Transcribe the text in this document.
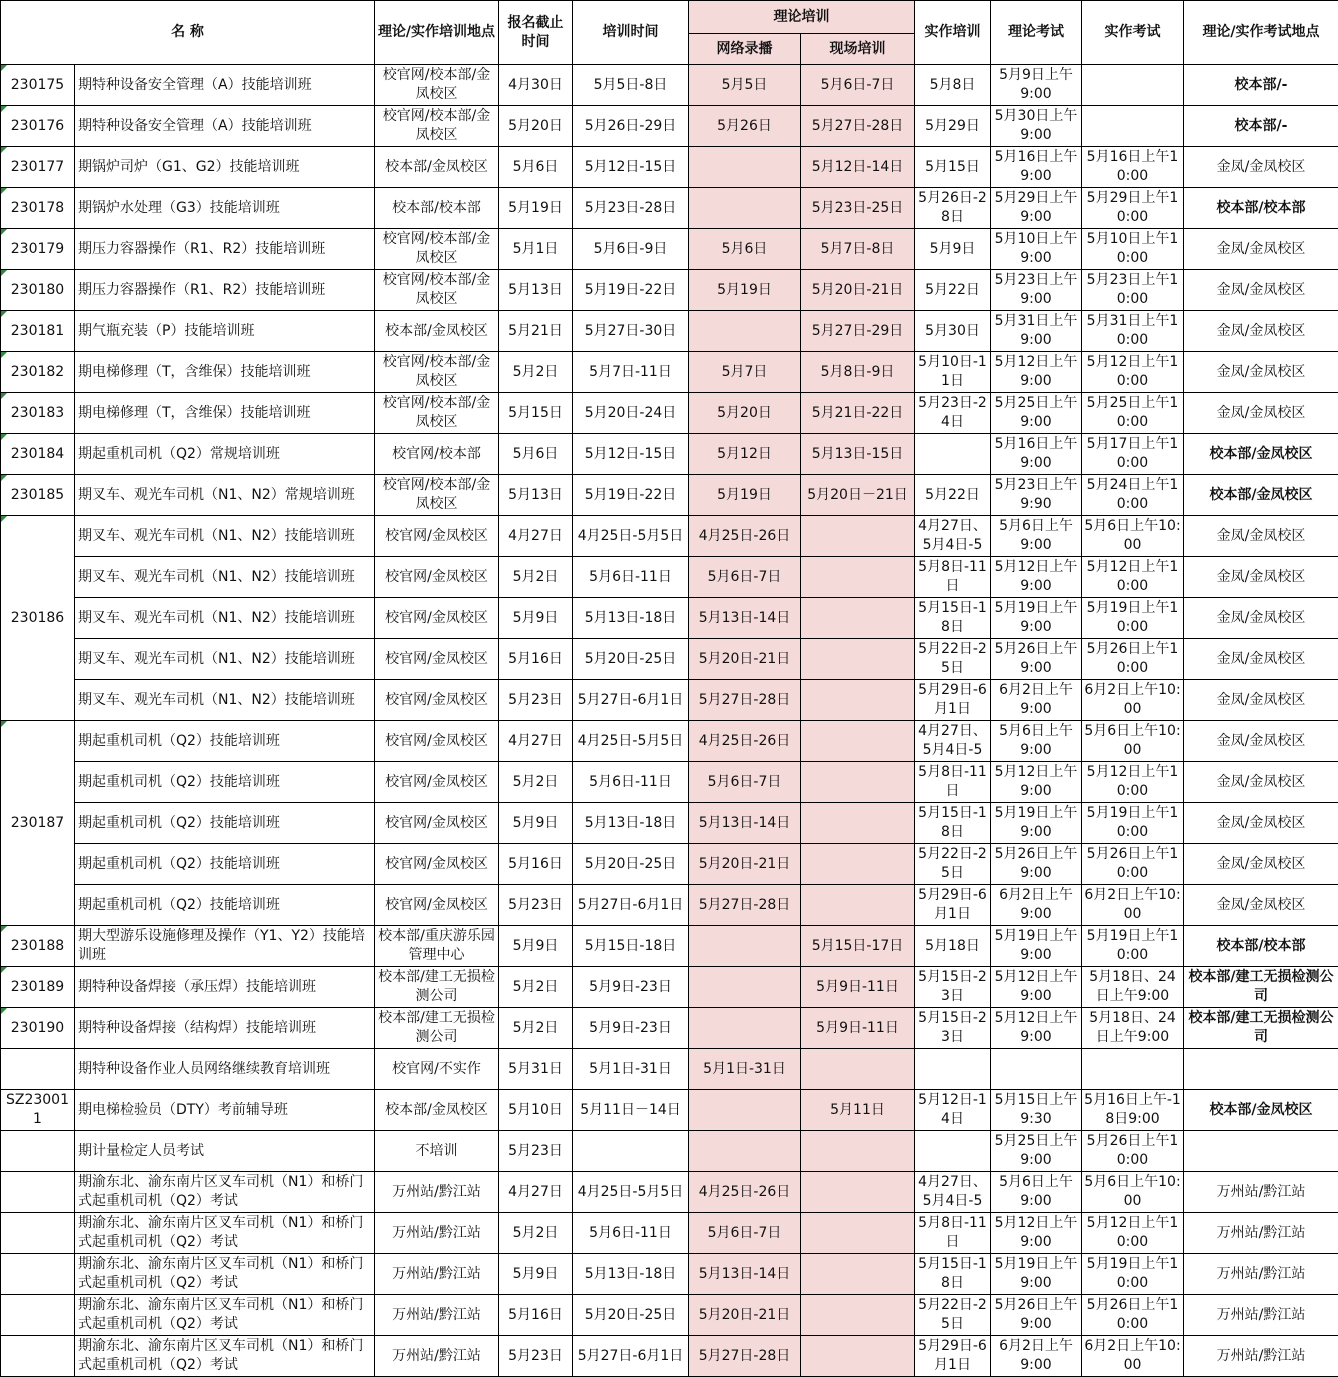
名 称		理论/实作培训地点	报名截止时间	培训时间	理论培训		实作培训	理论考试	实作考试	理论/实作考试地点
					网络录播	现场培训				
230175	期特种设备安全管理（A）技能培训班	校官网/校本部/金凤校区	4月30日	5月5日-8日	5月5日	5月6日-7日	5月8日	5月9日上午9:00		校本部/-
230176	期特种设备安全管理（A）技能培训班	校官网/校本部/金凤校区	5月20日	5月26日-29日	5月26日	5月27日-28日	5月29日	5月30日上午9:00		校本部/-
230177	期锅炉司炉（G1、G2）技能培训班	校本部/金凤校区	5月6日	5月12日-15日		5月12日-14日	5月15日	5月16日上午9:00	5月16日上午10:00	金凤/金凤校区
230178	期锅炉水处理（G3）技能培训班	校本部/校本部	5月19日	5月23日-28日		5月23日-25日	5月26日-28日	5月29日上午9:00	5月29日上午10:00	校本部/校本部
230179	期压力容器操作（R1、R2）技能培训班	校官网/校本部/金凤校区	5月1日	5月6日-9日	5月6日	5月7日-8日	5月9日	5月10日上午9:00	5月10日上午10:00	金凤/金凤校区
230180	期压力容器操作（R1、R2）技能培训班	校官网/校本部/金凤校区	5月13日	5月19日-22日	5月19日	5月20日-21日	5月22日	5月23日上午9:00	5月23日上午10:00	金凤/金凤校区
230181	期气瓶充装（P）技能培训班	校本部/金凤校区	5月21日	5月27日-30日		5月27日-29日	5月30日	5月31日上午9:00	5月31日上午10:00	金凤/金凤校区
230182	期电梯修理（T，含维保）技能培训班	校官网/校本部/金凤校区	5月2日	5月7日-11日	5月7日	5月8日-9日	5月10日-11日	5月12日上午9:00	5月12日上午10:00	金凤/金凤校区
230183	期电梯修理（T，含维保）技能培训班	校官网/校本部/金凤校区	5月15日	5月20日-24日	5月20日	5月21日-22日	5月23日-24日	5月25日上午9:00	5月25日上午10:00	金凤/金凤校区
230184	期起重机司机（Q2）常规培训班	校官网/校本部	5月6日	5月12日-15日	5月12日	5月13日-15日		5月16日上午9:00	5月17日上午10:00	校本部/金凤校区
230185	期叉车、观光车司机（N1、N2）常规培训班	校官网/校本部/金凤校区	5月13日	5月19日-22日	5月19日	5月20日－21日	5月22日	5月23日上午9:90	5月24日上午10:00	校本部/金凤校区
230186	期叉车、观光车司机（N1、N2）技能培训班	校官网/金凤校区	4月27日	4月25日-5月5日	4月25日-26日		4月27日、5月4日-5	5月6日上午9:00	5月6日上午10:00	金凤/金凤校区
	期叉车、观光车司机（N1、N2）技能培训班	校官网/金凤校区	5月2日	5月6日-11日	5月6日-7日		5月8日-11日	5月12日上午9:00	5月12日上午10:00	金凤/金凤校区
	期叉车、观光车司机（N1、N2）技能培训班	校官网/金凤校区	5月9日	5月13日-18日	5月13日-14日		5月15日-18日	5月19日上午9:00	5月19日上午10:00	金凤/金凤校区
	期叉车、观光车司机（N1、N2）技能培训班	校官网/金凤校区	5月16日	5月20日-25日	5月20日-21日		5月22日-25日	5月26日上午9:00	5月26日上午10:00	金凤/金凤校区
	期叉车、观光车司机（N1、N2）技能培训班	校官网/金凤校区	5月23日	5月27日-6月1日	5月27日-28日		5月29日-6月1日	6月2日上午9:00	6月2日上午10:00	金凤/金凤校区
230187	期起重机司机（Q2）技能培训班	校官网/金凤校区	4月27日	4月25日-5月5日	4月25日-26日		4月27日、5月4日-5	5月6日上午9:00	5月6日上午10:00	金凤/金凤校区
	期起重机司机（Q2）技能培训班	校官网/金凤校区	5月2日	5月6日-11日	5月6日-7日		5月8日-11日	5月12日上午9:00	5月12日上午10:00	金凤/金凤校区
	期起重机司机（Q2）技能培训班	校官网/金凤校区	5月9日	5月13日-18日	5月13日-14日		5月15日-18日	5月19日上午9:00	5月19日上午10:00	金凤/金凤校区
	期起重机司机（Q2）技能培训班	校官网/金凤校区	5月16日	5月20日-25日	5月20日-21日		5月22日-25日	5月26日上午9:00	5月26日上午10:00	金凤/金凤校区
	期起重机司机（Q2）技能培训班	校官网/金凤校区	5月23日	5月27日-6月1日	5月27日-28日		5月29日-6月1日	6月2日上午9:00	6月2日上午10:00	金凤/金凤校区
230188	期大型游乐设施修理及操作（Y1、Y2）技能培训班	校本部/重庆游乐园管理中心	5月9日	5月15日-18日		5月15日-17日	5月18日	5月19日上午9:00	5月19日上午10:00	校本部/校本部
230189	期特种设备焊接（承压焊）技能培训班	校本部/建工无损检测公司	5月2日	5月9日-23日		5月9日-11日	5月15日-23日	5月12日上午9:00	5月18日、24日上午9:00	校本部/建工无损检测公司
230190	期特种设备焊接（结构焊）技能培训班	校本部/建工无损检测公司	5月2日	5月9日-23日		5月9日-11日	5月15日-23日	5月12日上午9:00	5月18日、24日上午9:00	校本部/建工无损检测公司
	期特种设备作业人员网络继续教育培训班	校官网/不实作	5月31日	5月1日-31日	5月1日-31日					
SZ230011	期电梯检验员（DTY）考前辅导班	校本部/金凤校区	5月10日	5月11日－14日		5月11日	5月12日-14日	5月15日上午9:30	5月16日上午-18日9:00	校本部/金凤校区
	期计量检定人员考试	不培训	5月23日					5月25日上午9:00	5月26日上午10:00	
	期渝东北、渝东南片区叉车司机（N1）和桥门式起重机司机（Q2）考试	万州站/黔江站	4月27日	4月25日-5月5日	4月25日-26日		4月27日、5月4日-5	5月6日上午9:00	5月6日上午10:00	万州站/黔江站
	期渝东北、渝东南片区叉车司机（N1）和桥门式起重机司机（Q2）考试	万州站/黔江站	5月2日	5月6日-11日	5月6日-7日		5月8日-11日	5月12日上午9:00	5月12日上午10:00	万州站/黔江站
	期渝东北、渝东南片区叉车司机（N1）和桥门式起重机司机（Q2）考试	万州站/黔江站	5月9日	5月13日-18日	5月13日-14日		5月15日-18日	5月19日上午9:00	5月19日上午10:00	万州站/黔江站
	期渝东北、渝东南片区叉车司机（N1）和桥门式起重机司机（Q2）考试	万州站/黔江站	5月16日	5月20日-25日	5月20日-21日		5月22日-25日	5月26日上午9:00	5月26日上午10:00	万州站/黔江站
	期渝东北、渝东南片区叉车司机（N1）和桥门式起重机司机（Q2）考试	万州站/黔江站	5月23日	5月27日-6月1日	5月27日-28日		5月29日-6月1日	6月2日上午9:00	6月2日上午10:00	万州站/黔江站
